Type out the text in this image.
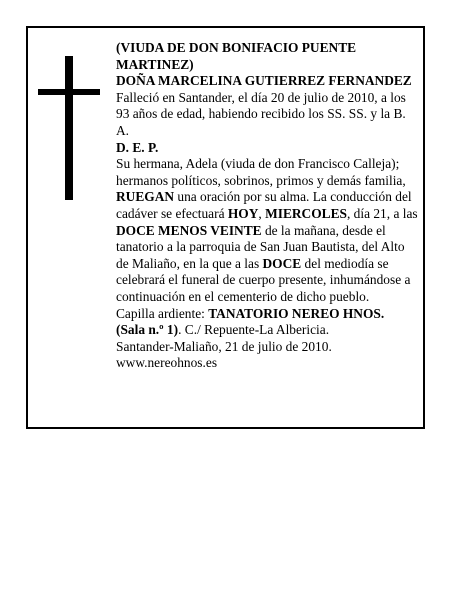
(VIUDA DE DON BONIFACIO PUENTE MARTINEZ)

DOÑA MARCELINA GUTIERREZ FERNANDEZ

Falleció en Santander, el día 20 de julio de 2010, a los 93 años de edad, habiendo recibido los SS. SS. y la B. A.

D. E. P.

Su hermana, Adela (viuda de don Francisco Calleja); hermanos políticos, sobrinos, primos y demás familia, RUEGAN una oración por su alma. La conducción del cadáver se efectuará HOY, MIERCOLES, día 21, a las DOCE MENOS VEINTE de la mañana, desde el tanatorio a la parroquia de San Juan Bautista, del Alto de Maliaño, en la que a las DOCE del mediodía se celebrará el funeral de cuerpo presente, inhumándose a continuación en el cementerio de dicho pueblo.

Capilla ardiente: TANATORIO NEREO HNOS.

(Sala n.º 1). C./ Repuente-La Albericia.

Santander-Maliaño, 21 de julio de 2010.

www.nereohnos.es
